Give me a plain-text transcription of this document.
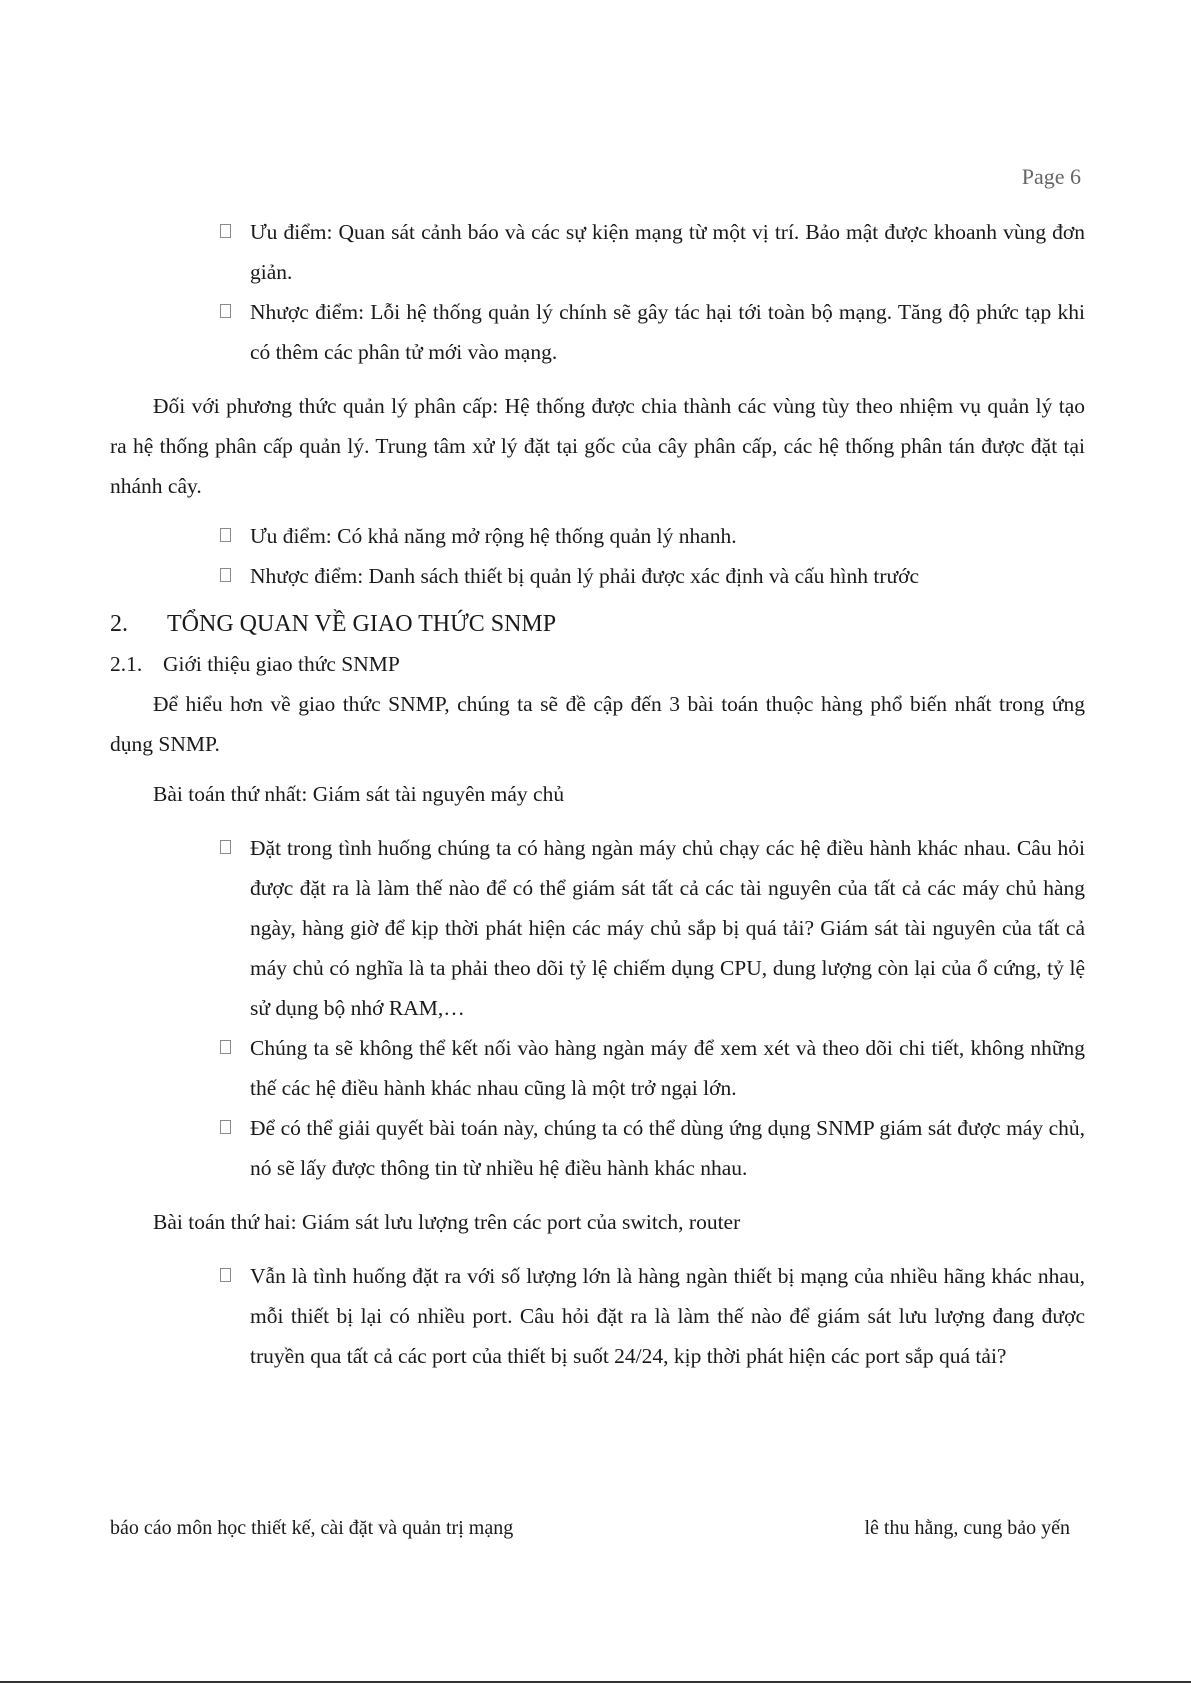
Page 6
Ưu điểm: Quan sát cảnh báo và các sự kiện mạng từ một vị trí. Bảo mật được khoanh vùng đơn giản.
Nhược điểm: Lỗi hệ thống quản lý chính sẽ gây tác hại tới toàn bộ mạng. Tăng độ phức tạp khi có thêm các phân tử mới vào mạng.

Đối với phương thức quản lý phân cấp: Hệ thống được chia thành các vùng tùy theo nhiệm vụ quản lý tạo ra hệ thống phân cấp quản lý. Trung tâm xử lý đặt tại gốc của cây phân cấp, các hệ thống phân tán được đặt tại nhánh cây.

Ưu điểm: Có khả năng mở rộng hệ thống quản lý nhanh.
Nhược điểm: Danh sách thiết bị quản lý phải được xác định và cấu hình trước
2. TỔNG QUAN VỀ GIAO THỨC SNMP
2.1. Giới thiệu giao thức SNMP

Để hiểu hơn về giao thức SNMP, chúng ta sẽ đề cập đến 3 bài toán thuộc hàng phổ biến nhất trong ứng dụng SNMP.

Bài toán thứ nhất: Giám sát tài nguyên máy chủ

Đặt trong tình huống chúng ta có hàng ngàn máy chủ chạy các hệ điều hành khác nhau. Câu hỏi được đặt ra là làm thế nào để có thể giám sát tất cả các tài nguyên của tất cả các máy chủ hàng ngày, hàng giờ để kịp thời phát hiện các máy chủ sắp bị quá tải? Giám sát tài nguyên của tất cả máy chủ có nghĩa là ta phải theo dõi tỷ lệ chiếm dụng CPU, dung lượng còn lại của ổ cứng, tỷ lệ sử dụng bộ nhớ RAM,…
Chúng ta sẽ không thể kết nối vào hàng ngàn máy để xem xét và theo dõi chi tiết, không những thế các hệ điều hành khác nhau cũng là một trở ngại lớn.
Để có thể giải quyết bài toán này, chúng ta có thể dùng ứng dụng SNMP giám sát được máy chủ, nó sẽ lấy được thông tin từ nhiều hệ điều hành khác nhau.

Bài toán thứ hai: Giám sát lưu lượng trên các port của switch, router

Vẫn là tình huống đặt ra với số lượng lớn là hàng ngàn thiết bị mạng của nhiều hãng khác nhau, mỗi thiết bị lại có nhiều port. Câu hỏi đặt ra là làm thế nào để giám sát lưu lượng đang được truyền qua tất cả các port của thiết bị suốt 24/24, kịp thời phát hiện các port sắp quá tải?
báo cáo môn học thiết kế, cài đặt và quản trị mạng	lê thu hằng, cung bảo yến
